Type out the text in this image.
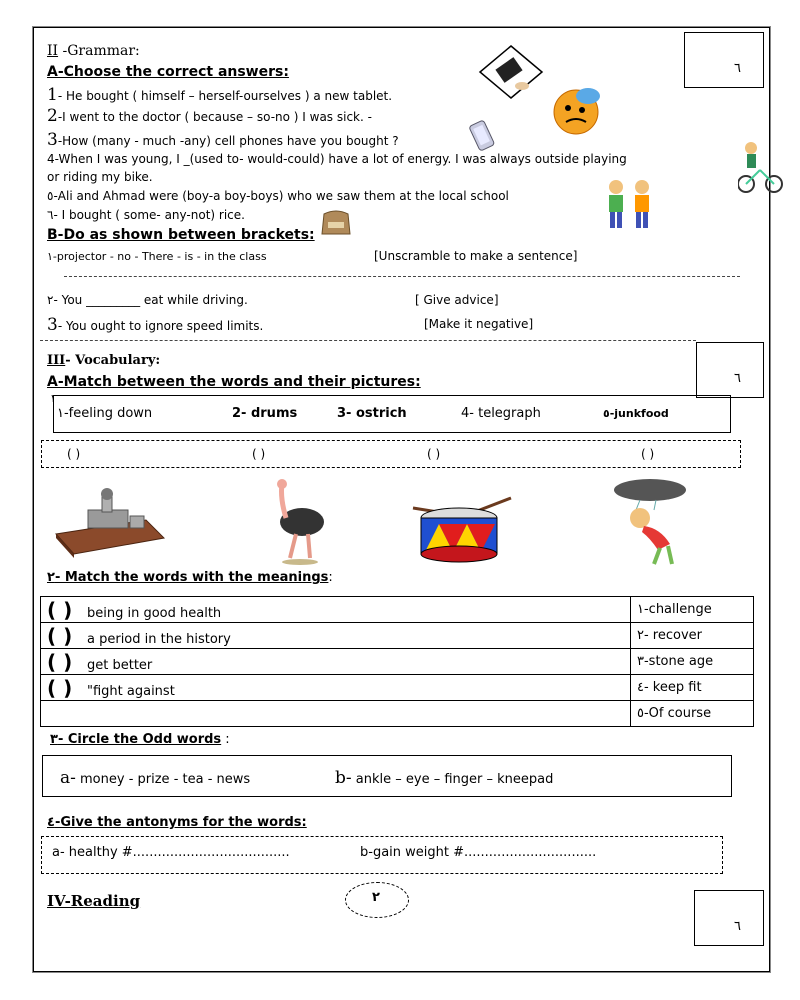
II -Grammar:
٦
A-Choose the correct answers:
1- He bought ( himself – herself-ourselves ) a new tablet.
2-I went to the doctor ( because – so-no ) I was sick. -
3-How (many - much -any) cell phones have you bought ?
4-When I was young, I _(used to- would-could) have a lot of energy. I was always outside playing
or riding my bike.
٥-Ali and Ahmad were (boy-a boy-boys) who we saw them at the local school
٦- I bought ( some- any-not) rice.
B-Do as shown between brackets:
١-projector - no - There - is - in the class	[Unscramble to make a sentence]
٢- You _________ eat while driving.	[ Give advice]
3- You ought to ignore speed limits.	[Make it negative]
III- Vocabulary:
٦
A-Match between the words and their pictures:
١
١-feeling down	2- drums	3- ostrich	4- telegraph	٥-junkfood
( )	( )	( )	( )
٢- Match the words with the meanings:
( ) being in good health	١-challenge
( ) a period in the history	٢- recover
( ) get better	٣-stone age
( ) "fight against	٤- keep fit
	٥-Of course
٣- Circle the Odd words :
a- money - prize - tea - news	b- ankle – eye – finger – kneepad
٤-Give the antonyms for the words:
a- healthy #......................................	b-gain weight #................................
IV-Reading	٢
٦
